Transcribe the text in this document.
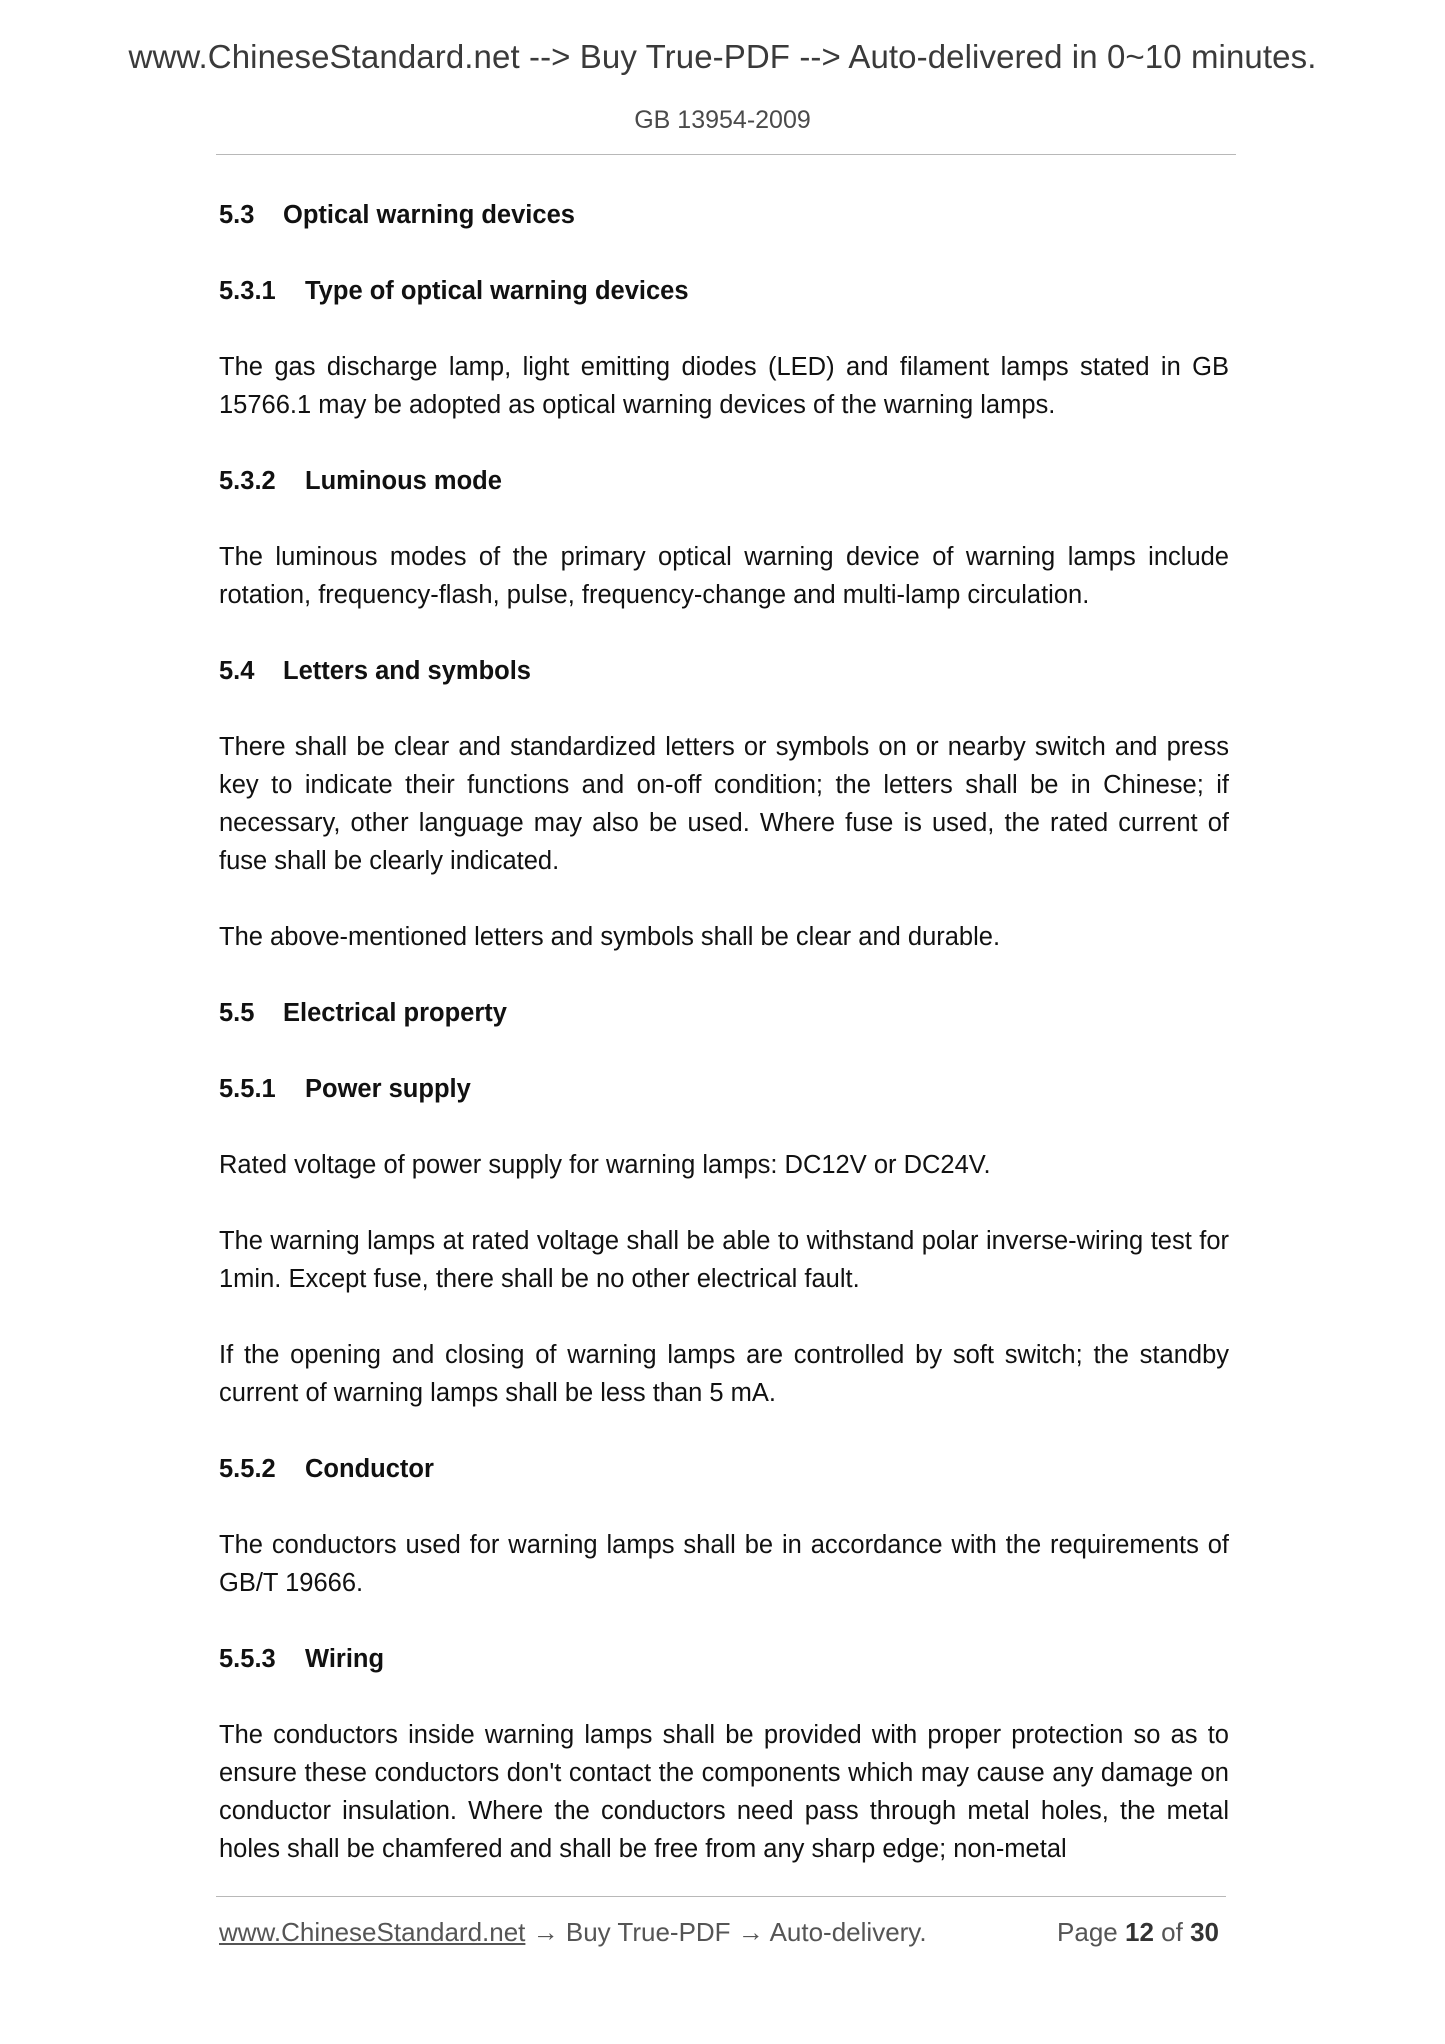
www.ChineseStandard.net --> Buy True-PDF --> Auto-delivered in 0~10 minutes.
GB 13954-2009
5.3 Optical warning devices
5.3.1 Type of optical warning devices
The gas discharge lamp, light emitting diodes (LED) and filament lamps stated in GB 15766.1 may be adopted as optical warning devices of the warning lamps.
5.3.2 Luminous mode
The luminous modes of the primary optical warning device of warning lamps include rotation, frequency-flash, pulse, frequency-change and multi-lamp circulation.
5.4 Letters and symbols
There shall be clear and standardized letters or symbols on or nearby switch and press key to indicate their functions and on-off condition; the letters shall be in Chinese; if necessary, other language may also be used. Where fuse is used, the rated current of fuse shall be clearly indicated.
The above-mentioned letters and symbols shall be clear and durable.
5.5 Electrical property
5.5.1 Power supply
Rated voltage of power supply for warning lamps: DC12V or DC24V.
The warning lamps at rated voltage shall be able to withstand polar inverse-wiring test for 1min. Except fuse, there shall be no other electrical fault.
If the opening and closing of warning lamps are controlled by soft switch; the standby current of warning lamps shall be less than 5 mA.
5.5.2 Conductor
The conductors used for warning lamps shall be in accordance with the requirements of GB/T 19666.
5.5.3 Wiring
The conductors inside warning lamps shall be provided with proper protection so as to ensure these conductors don't contact the components which may cause any damage on conductor insulation. Where the conductors need pass through metal holes, the metal holes shall be chamfered and shall be free from any sharp edge; non-metal
www.ChineseStandard.net → Buy True-PDF → Auto-delivery.	Page 12 of 30
